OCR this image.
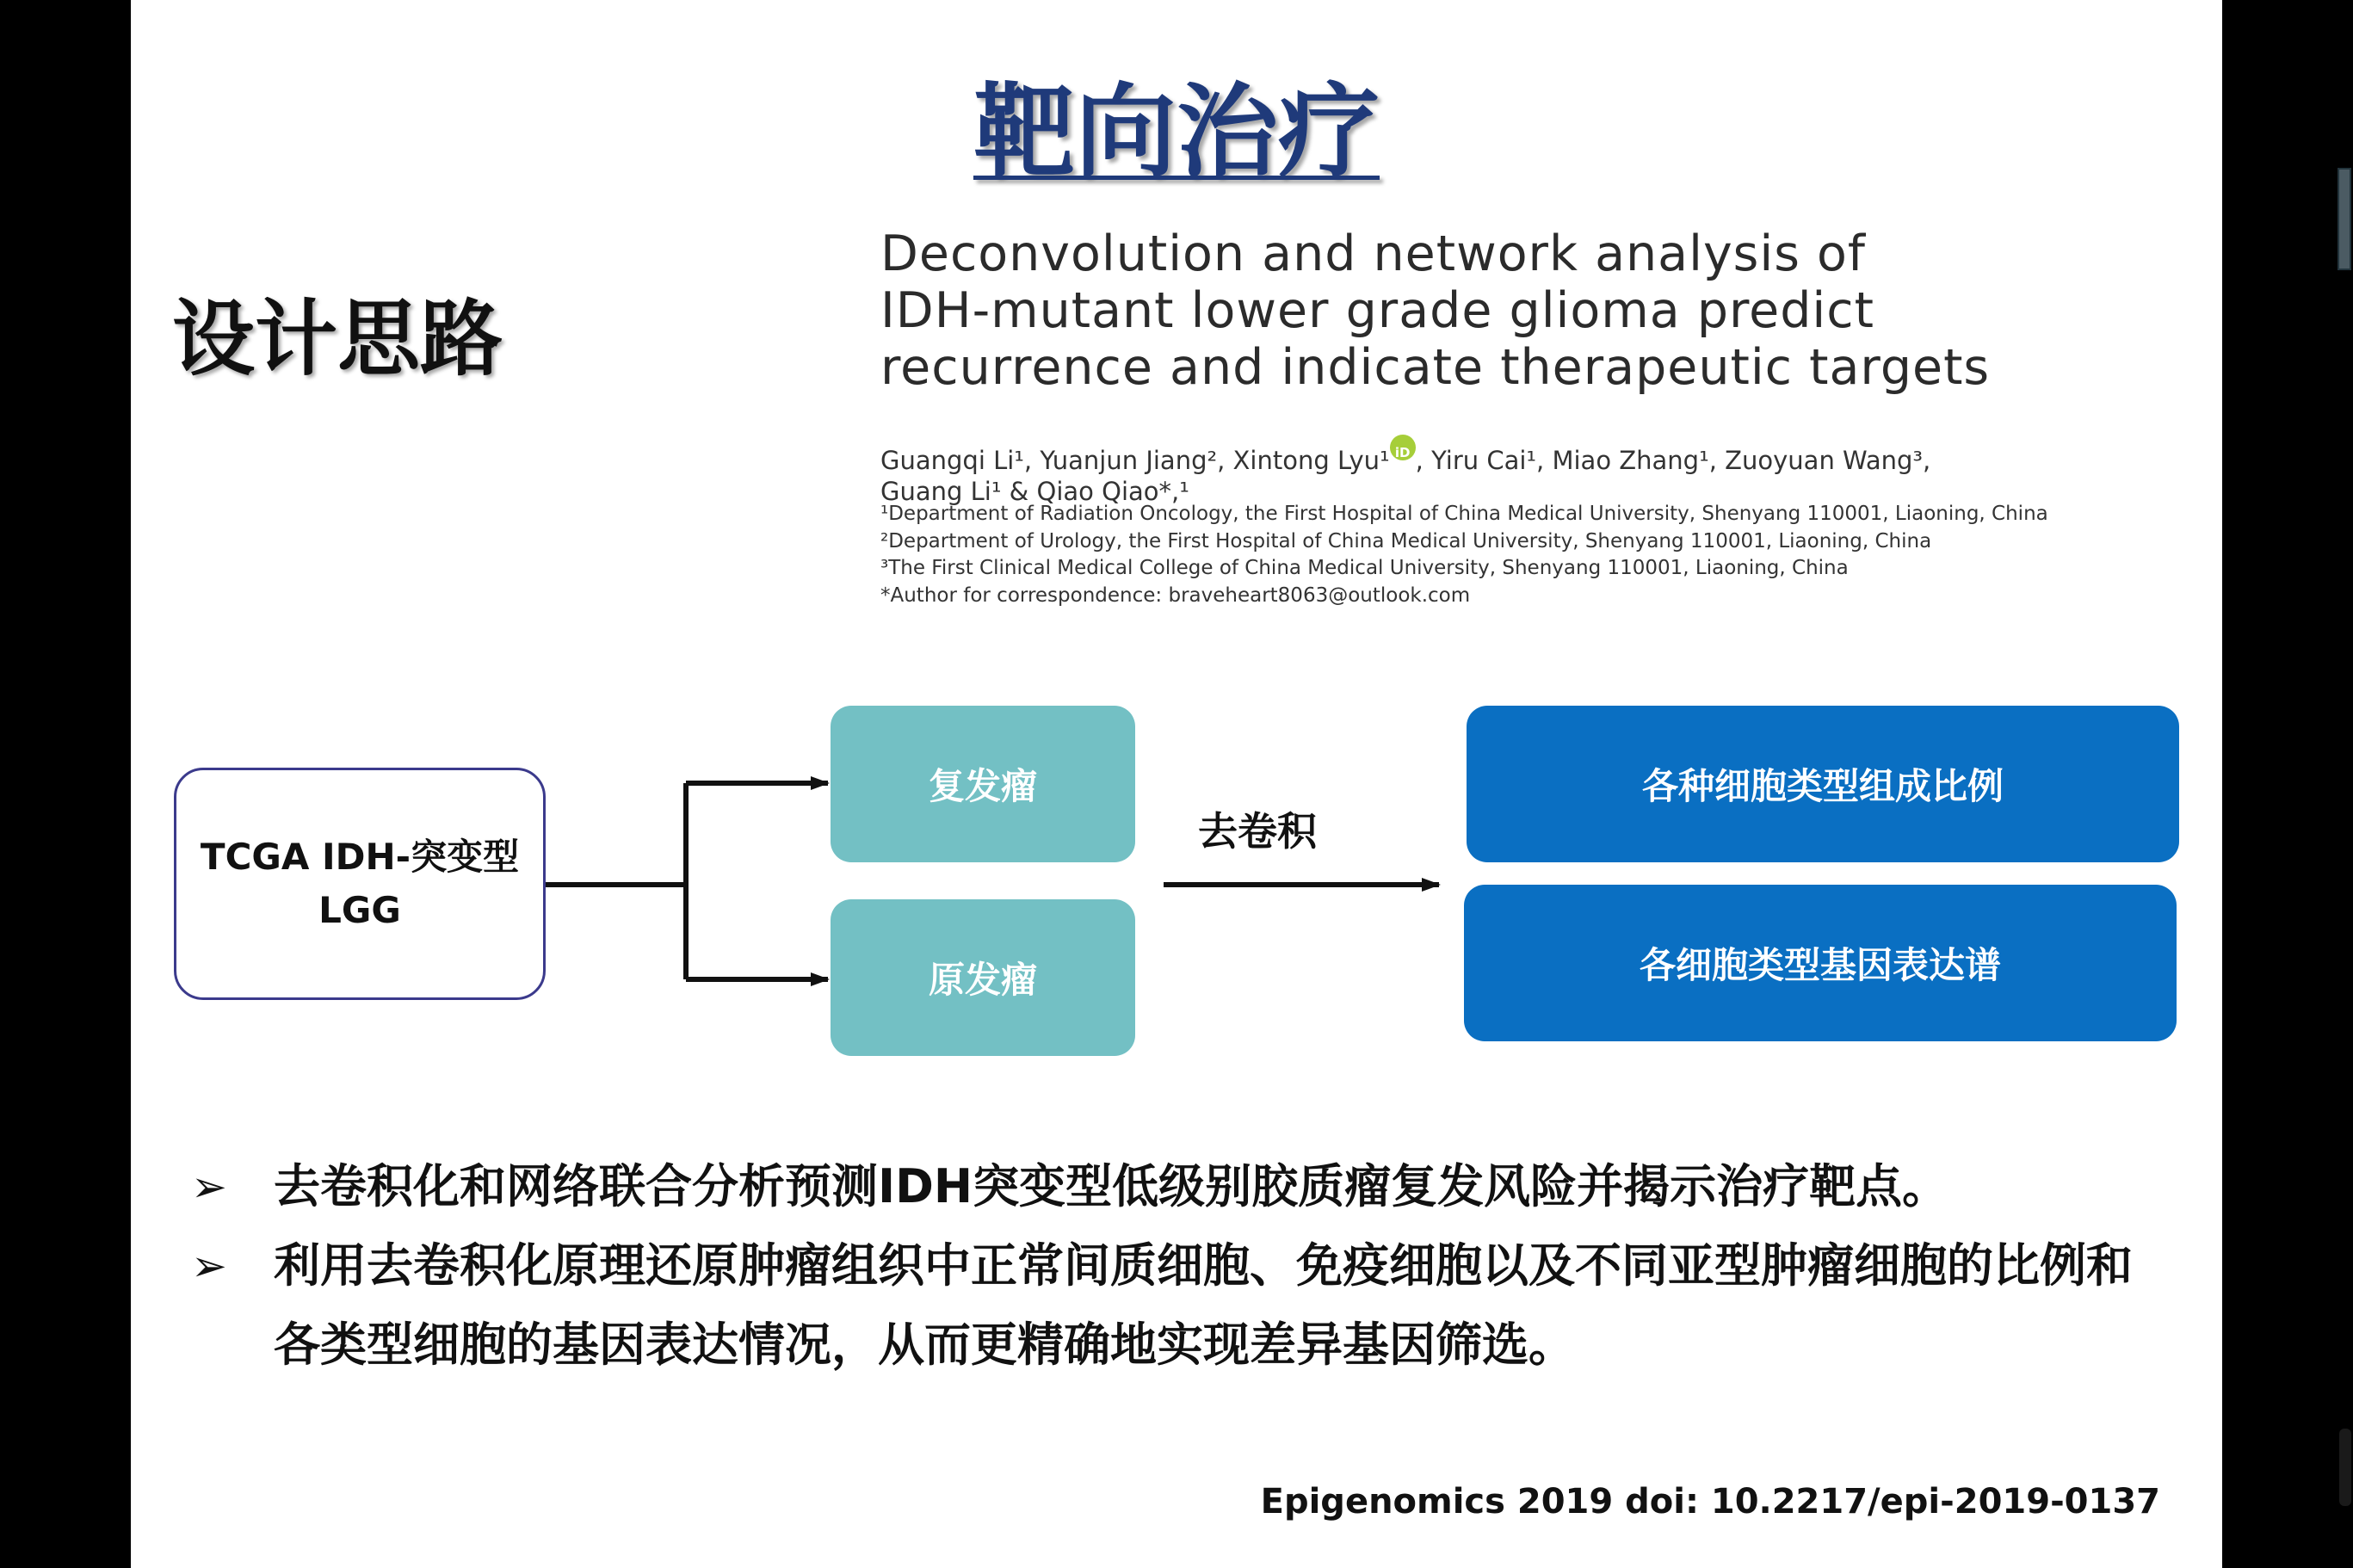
靶向治疗
设计思路
Deconvolution and network analysis of
IDH-mutant lower grade glioma predict
recurrence and indicate therapeutic targets
Guangqi Li¹, Yuanjun Jiang², Xintong Lyu¹iD , Yiru Cai¹, Miao Zhang¹, Zuoyuan Wang³,
Guang Li¹ & Qiao Qiao*,¹
¹Department of Radiation Oncology, the First Hospital of China Medical University, Shenyang 110001, Liaoning, China
²Department of Urology, the First Hospital of China Medical University, Shenyang 110001, Liaoning, China
³The First Clinical Medical College of China Medical University, Shenyang 110001, Liaoning, China
*Author for correspondence: braveheart8063@outlook.com
TCGA IDH-突变型 LGG
复发瘤
原发瘤
去卷积
各种细胞类型组成比例
各细胞类型基因表达谱
➢	去卷积化和网络联合分析预测IDH突变型低级别胶质瘤复发风险并揭示治疗靶点。
➢	利用去卷积化原理还原肿瘤组织中正常间质细胞、免疫细胞以及不同亚型肿瘤细胞的比例和各类型细胞的基因表达情况，从而更精确地实现差异基因筛选。
Epigenomics 2019 doi: 10.2217/epi-2019-0137
